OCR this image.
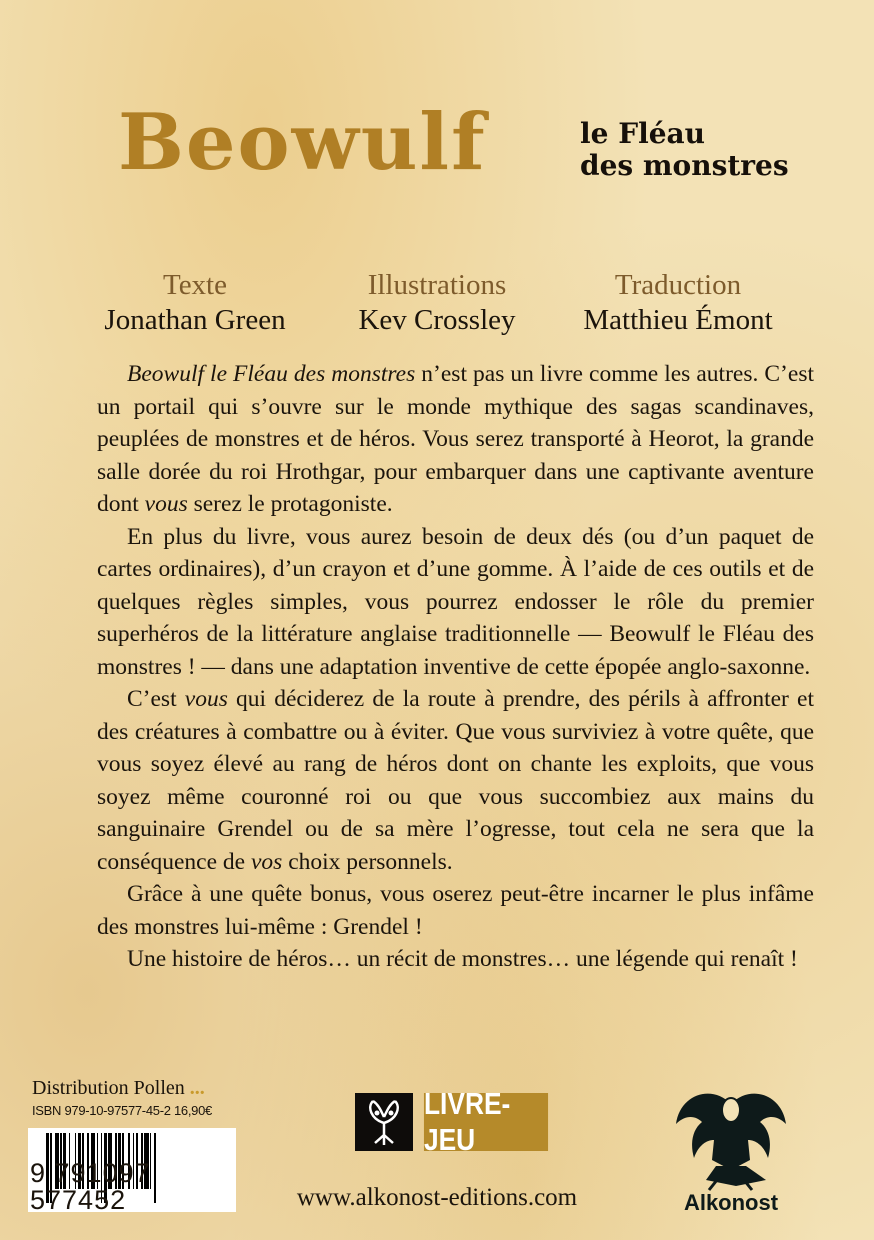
Beowulf	le Fléau
des monstres
Texte
Jonathan Green
Illustrations
Kev Crossley
Traduction
Matthieu Émont

Beowulf le Fléau des monstres n’est pas un livre comme les autres. C’est un portail qui s’ouvre sur le monde mythique des sagas scandinaves, peuplées de monstres et de héros. Vous serez transporté à Heorot, la grande salle dorée du roi Hrothgar, pour embarquer dans une captivante aventure dont vous serez le protagoniste.

En plus du livre, vous aurez besoin de deux dés (ou d’un paquet de cartes ordinaires), d’un crayon et d’une gomme. À l’aide de ces outils et de quelques règles simples, vous pourrez endosser le rôle du premier superhéros de la littérature anglaise traditionnelle — Beowulf le Fléau des monstres ! — dans une adaptation inventive de cette épopée anglo-saxonne.

C’est vous qui déciderez de la route à prendre, des périls à affronter et des créatures à combattre ou à éviter. Que vous surviviez à votre quête, que vous soyez élevé au rang de héros dont on chante les exploits, que vous soyez même couronné roi ou que vous succombiez aux mains du sanguinaire Grendel ou de sa mère l’ogresse, tout cela ne sera que la conséquence de vos choix personnels.

Grâce à une quête bonus, vous oserez peut-être incarner le plus infâme des monstres lui-même : Grendel !

Une histoire de héros… un récit de monstres… une légende qui renaît !

Distribution Pollen ...
ISBN 979-10-97577-45-2 16,90€
9 791097 577452
LIVRE-JEU
www.alkonost-editions.com	Alkonost
